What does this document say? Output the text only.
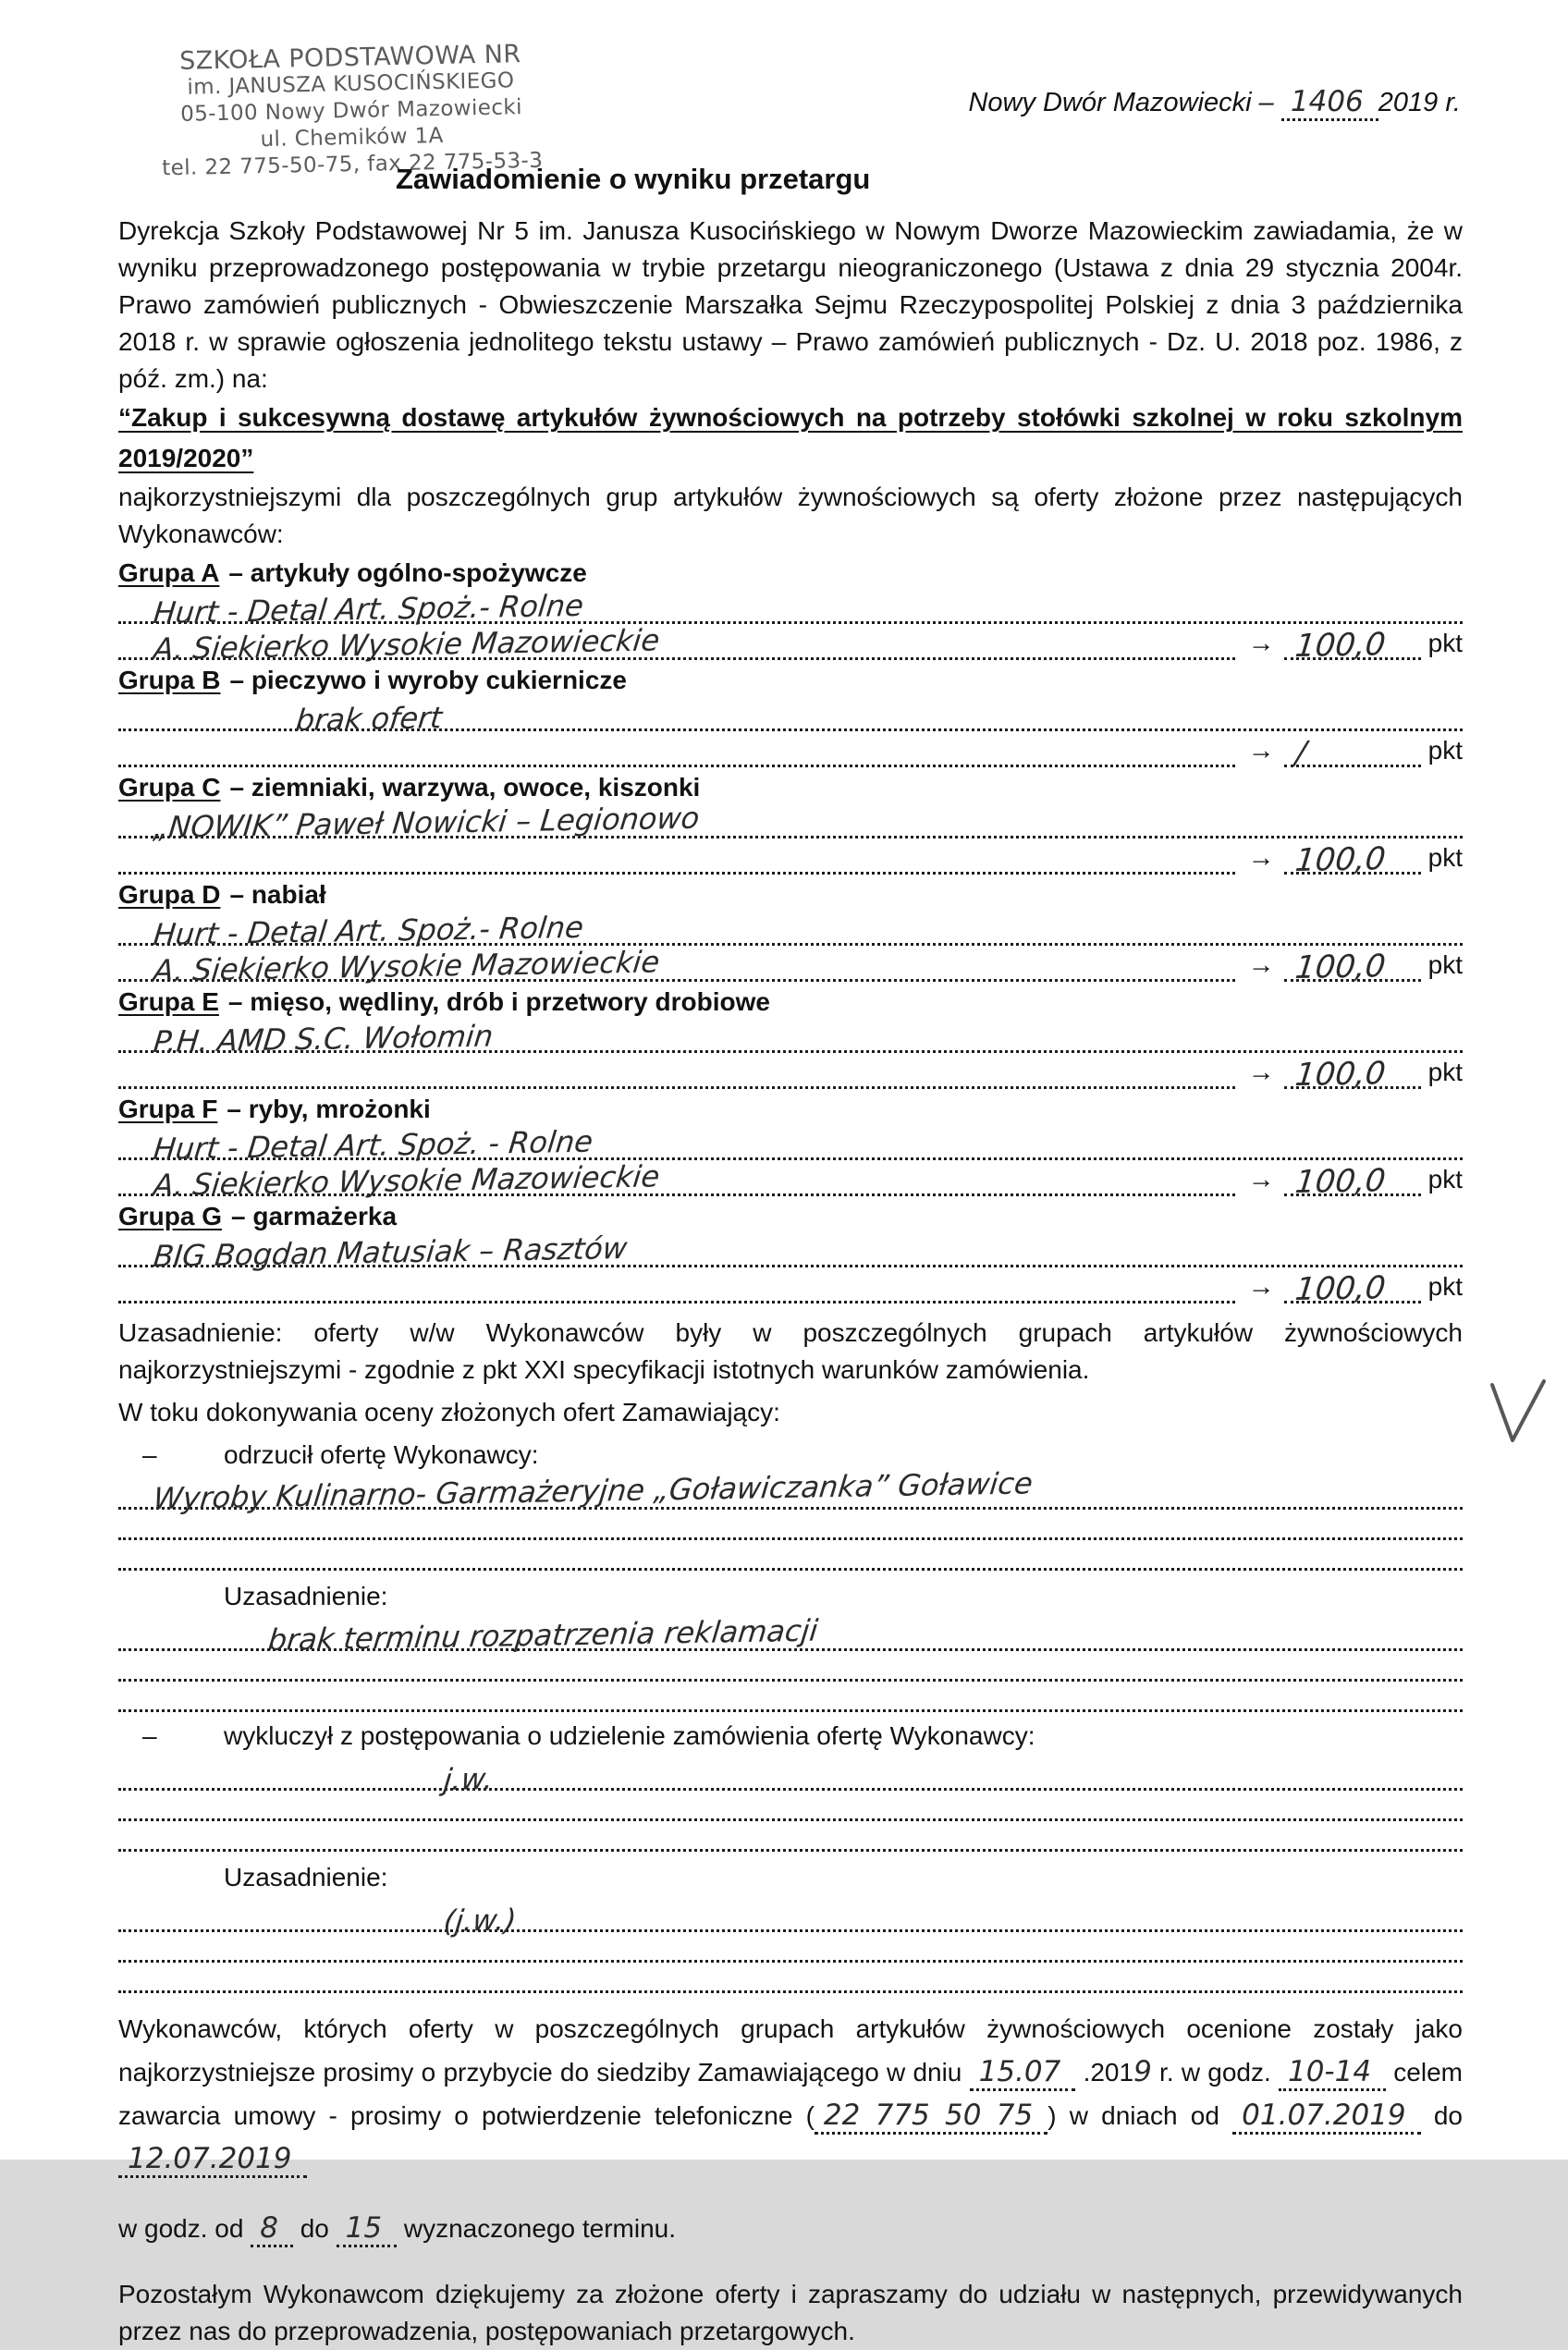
SZKOŁA PODSTAWOWA NR
im. JANUSZA KUSOCIŃSKIEGO
05-100 Nowy Dwór Mazowiecki
ul. Chemików 1A
tel. 22 775-50-75, fax 22 775-53-3
Nowy Dwór Mazowiecki – 1406 2019 r.
Zawiadomienie o wyniku przetargu

Dyrekcja Szkoły Podstawowej Nr 5 im. Janusza Kusocińskiego w Nowym Dworze Mazowieckim zawiadamia, że w wyniku przeprowadzonego postępowania w trybie przetargu nieograniczonego (Ustawa z dnia 29 stycznia 2004r. Prawo zamówień publicznych - Obwieszczenie Marszałka Sejmu Rzeczypospolitej Polskiej z dnia 3 października 2018 r. w sprawie ogłoszenia jednolitego tekstu ustawy – Prawo zamówień publicznych - Dz. U. 2018 poz. 1986, z póź. zm.) na:

“Zakup i sukcesywną dostawę artykułów żywnościowych na potrzeby stołówki szkolnej w roku szkolnym 2019/2020”

najkorzystniejszymi dla poszczególnych grup artykułów żywnościowych są oferty złożone przez następujących Wykonawców:

Grupa A – artykuły ogólno-spożywcze
Hurt - Detal Art. Spoż.- Rolne
A. Siekierko Wysokie Mazowieckie	→ 100,0 pkt
Grupa B – pieczywo i wyroby cukiernicze
brak ofert
→ /	pkt
Grupa C – ziemniaki, warzywa, owoce, kiszonki
„NOWIK” Paweł Nowicki – Legionowo
→ 100,0 pkt
Grupa D – nabiał
Hurt - Detal Art. Spoż.- Rolne
A. Siekierko Wysokie Mazowieckie	→ 100,0 pkt
Grupa E – mięso, wędliny, drób i przetwory drobiowe
P.H. AMD S.C. Wołomin
→ 100,0 pkt
Grupa F – ryby, mrożonki
Hurt - Detal Art. Spoż. - Rolne
A. Siekierko Wysokie Mazowieckie	→ 100,0 pkt
Grupa G – garmażerka
BIG Bogdan Matusiak – Rasztów
→ 100,0 pkt

Uzasadnienie: oferty w/w Wykonawców były w poszczególnych grupach artykułów żywnościowych najkorzystniejszymi - zgodnie z pkt XXI specyfikacji istotnych warunków zamówienia.

W toku dokonywania oceny złożonych ofert Zamawiający:

–	odrzucił ofertę Wykonawcy:
Wyroby Kulinarno- Garmażeryjne „Goławiczanka” Goławice
Uzasadnienie:
brak terminu rozpatrzenia reklamacji
–	wykluczył z postępowania o udzielenie zamówienia ofertę Wykonawcy:
j.w.
Uzasadnienie:
(j.w.)

Wykonawców, których oferty w poszczególnych grupach artykułów żywnościowych ocenione zostały jako najkorzystniejsze prosimy o przybycie do siedziby Zamawiającego w dniu 15.07 .2019 r. w godz. 10-14 celem zawarcia umowy - prosimy o potwierdzenie telefoniczne ( 22 775 50 75 ) w dniach od 01.07.2019 do 12.07.2019

w godz. od 8 do 15 wyznaczonego terminu.

Pozostałym Wykonawcom dziękujemy za złożone oferty i zapraszamy do udziału w następnych, przewidywanych przez nas do przeprowadzenia, postępowaniach przetargowych.
